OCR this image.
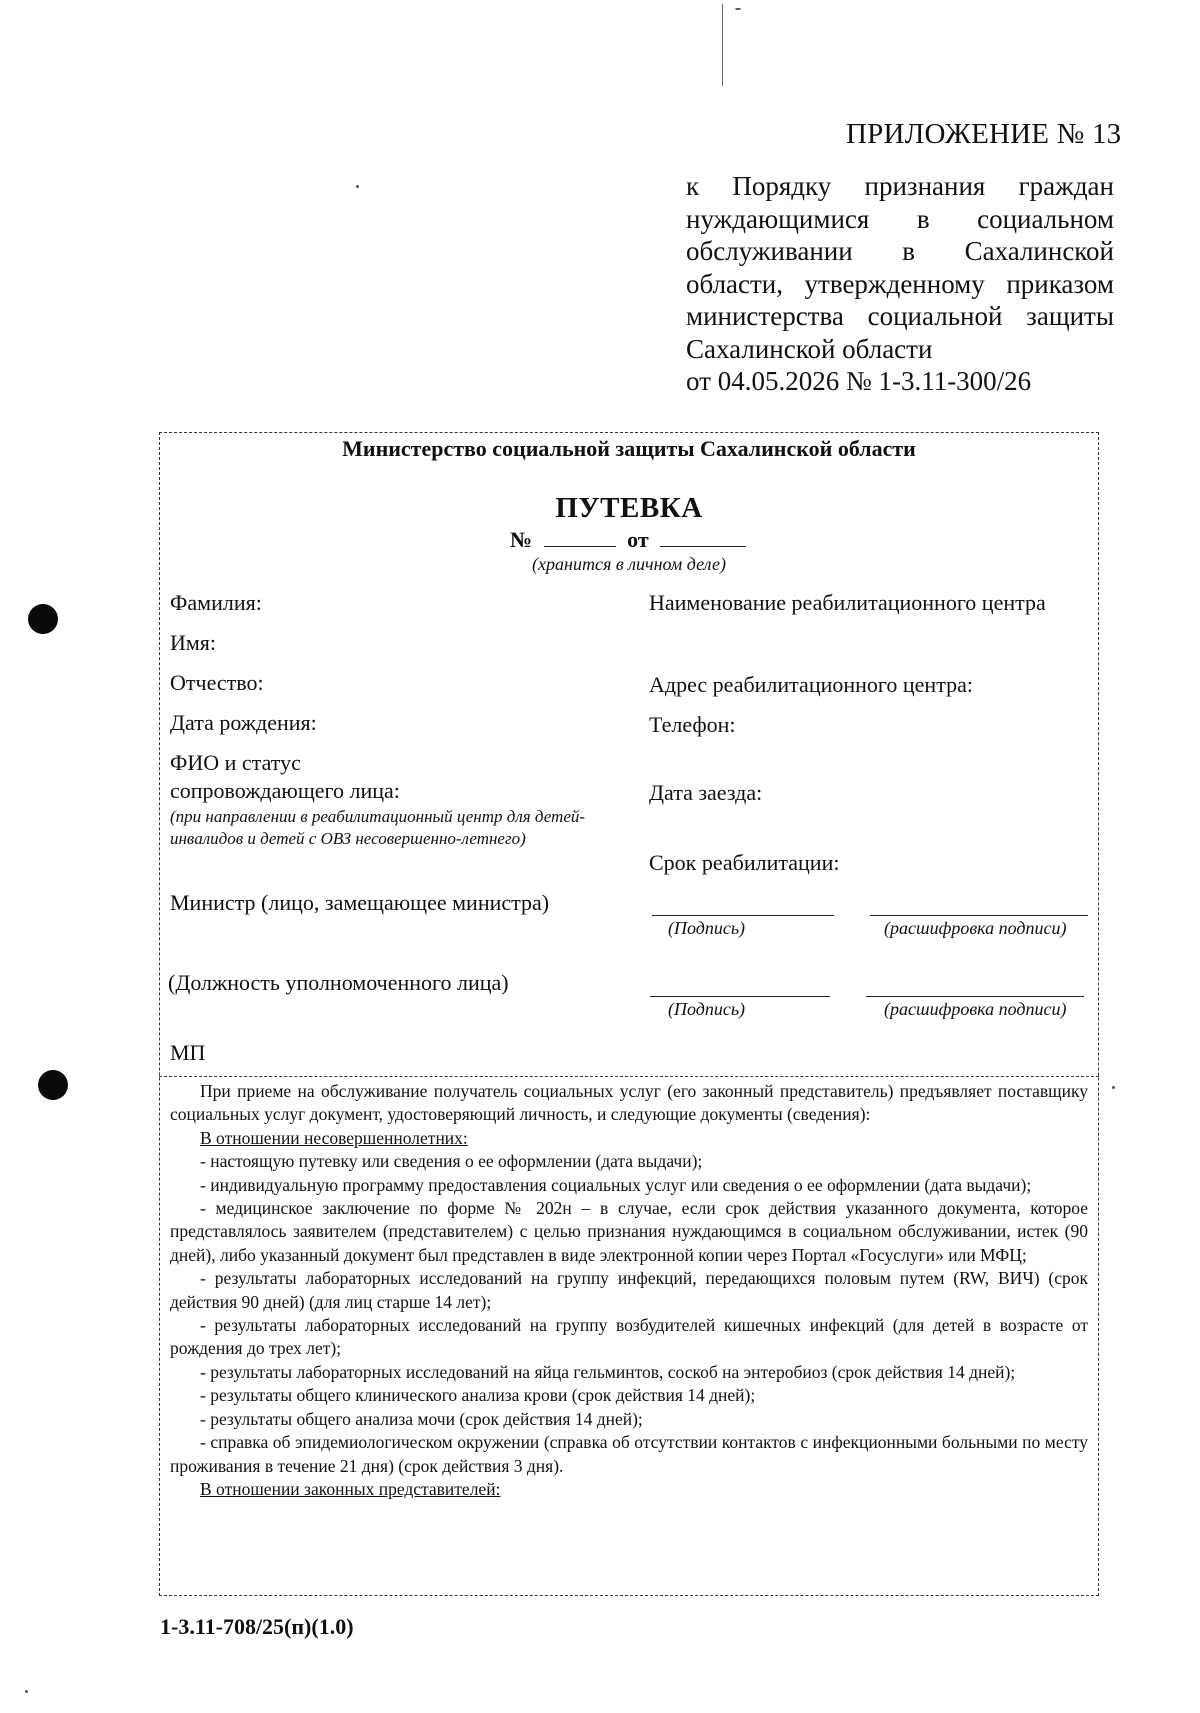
ПРИЛОЖЕНИЕ № 13
к Порядку признания граждан
нуждающимися в социальном
обслуживании в Сахалинской
области, утвержденному приказом
министерства социальной защиты
Сахалинской области
от 04.05.2026 № 1-3.11-300/26
Министерство социальной защиты Сахалинской области
ПУТЕВКА
№	от
(хранится в личном деле)
Фамилия:
Имя:
Отчество:
Дата рождения:
ФИО и статус
сопровождающего лица:
(при направлении в реабилитационный центр для детей-инвалидов и детей с ОВЗ несовершенно-летнего)
Наименование реабилитационного центра
Адрес реабилитационного центра:
Телефон:
Дата заезда:
Срок реабилитации:
Министр (лицо, замещающее министра)
(Подпись)	(расшифровка подписи)
(Должность уполномоченного лица)
(Подпись)	(расшифровка подписи)
МП

При приеме на обслуживание получатель социальных услуг (его законный представитель) предъявляет поставщику социальных услуг документ, удостоверяющий личность, и следующие документы (сведения):

В отношении несовершеннолетних:

- настоящую путевку или сведения о ее оформлении (дата выдачи);

- индивидуальную программу предоставления социальных услуг или сведения о ее оформлении (дата выдачи);

- медицинское заключение по форме № 202н – в случае, если срок действия указанного документа, которое представлялось заявителем (представителем) с целью признания нуждающимся в социальном обслуживании, истек (90 дней), либо указанный документ был представлен в виде электронной копии через Портал «Госуслуги» или МФЦ;

- результаты лабораторных исследований на группу инфекций, передающихся половым путем (RW, ВИЧ) (срок действия 90 дней) (для лиц старше 14 лет);

- результаты лабораторных исследований на группу возбудителей кишечных инфекций (для детей в возрасте от рождения до трех лет);

- результаты лабораторных исследований на яйца гельминтов, соскоб на энтеробиоз (срок действия 14 дней);

- результаты общего клинического анализа крови (срок действия 14 дней);

- результаты общего анализа мочи (срок действия 14 дней);

- справка об эпидемиологическом окружении (справка об отсутствии контактов с инфекционными больными по месту проживания в течение 21 дня) (срок действия 3 дня).

В отношении законных представителей:

1-3.11-708/25(п)(1.0)
